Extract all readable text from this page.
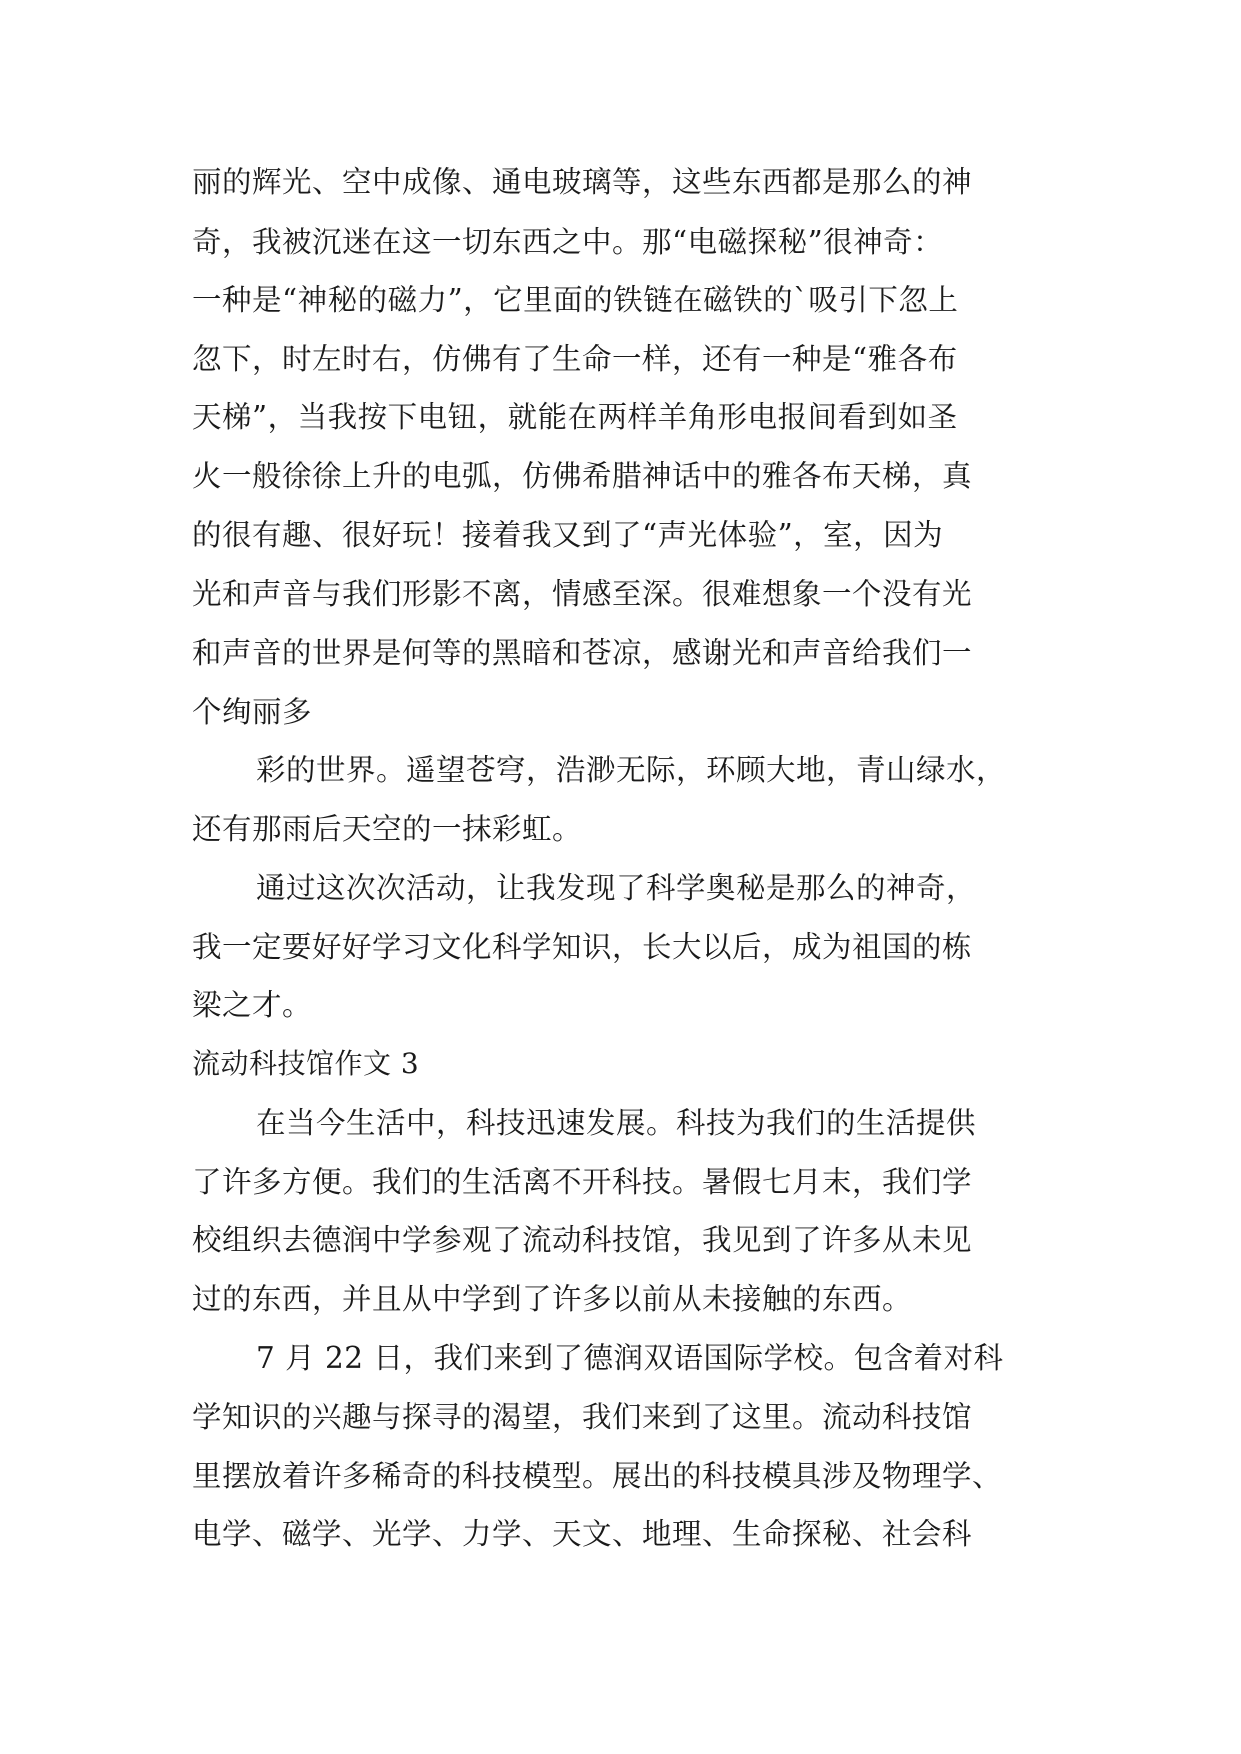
丽的辉光、空中成像、通电玻璃等，这些东西都是那么的神
奇，我被沉迷在这一切东西之中。那“电磁探秘”很神奇：
一种是“神秘的磁力”，它里面的铁链在磁铁的`吸引下忽上
忽下，时左时右，仿佛有了生命一样，还有一种是“雅各布
天梯”，当我按下电钮，就能在两样羊角形电报间看到如圣
火一般徐徐上升的电弧，仿佛希腊神话中的雅各布天梯，真
的很有趣、很好玩！接着我又到了“声光体验”，室，因为
光和声音与我们形影不离，情感至深。很难想象一个没有光
和声音的世界是何等的黑暗和苍凉，感谢光和声音给我们一
个绚丽多
彩的世界。遥望苍穹，浩渺无际，环顾大地，青山绿水，
还有那雨后天空的一抹彩虹。
通过这次次活动，让我发现了科学奥秘是那么的神奇，
我一定要好好学习文化科学知识，长大以后，成为祖国的栋
梁之才。
流动科技馆作文 3
在当今生活中，科技迅速发展。科技为我们的生活提供
了许多方便。我们的生活离不开科技。暑假七月末，我们学
校组织去德润中学参观了流动科技馆，我见到了许多从未见
过的东西，并且从中学到了许多以前从未接触的东西。
7 月 22 日，我们来到了德润双语国际学校。包含着对科
学知识的兴趣与探寻的渴望，我们来到了这里。流动科技馆
里摆放着许多稀奇的科技模型。展出的科技模具涉及物理学、
电学、磁学、光学、力学、天文、地理、生命探秘、社会科
